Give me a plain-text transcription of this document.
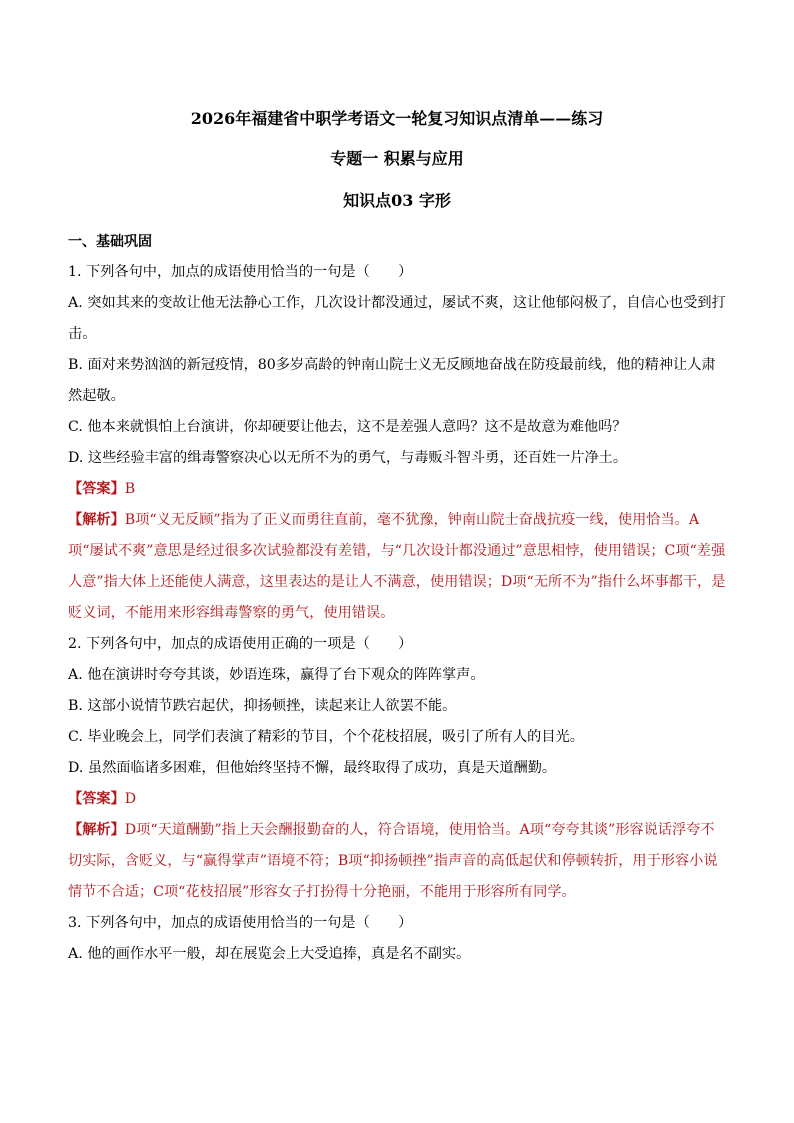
2026年福建省中职学考语文一轮复习知识点清单——练习
专题一 积累与应用
知识点03 字形
一、基础巩固
1. 下列各句中，加点的成语使用恰当的一句是（　　）
A. 突如其来的变故让他无法静心工作，几次设计都没通过，屡试不爽，这让他郁闷极了，自信心也受到打击。
B. 面对来势汹汹的新冠疫情，80多岁高龄的钟南山院士义无反顾地奋战在防疫最前线，他的精神让人肃然起敬。
C. 他本来就惧怕上台演讲，你却硬要让他去，这不是差强人意吗？这不是故意为难他吗？
D. 这些经验丰富的缉毒警察决心以无所不为的勇气，与毒贩斗智斗勇，还百姓一片净土。
【答案】B
【解析】B项“义无反顾”指为了正义而勇往直前，毫不犹豫，钟南山院士奋战抗疫一线，使用恰当。A项“屡试不爽”意思是经过很多次试验都没有差错，与“几次设计都没通过”意思相悖，使用错误；C项“差强人意”指大体上还能使人满意，这里表达的是让人不满意，使用错误；D项“无所不为”指什么坏事都干，是贬义词，不能用来形容缉毒警察的勇气，使用错误。
2. 下列各句中，加点的成语使用正确的一项是（　　）
A. 他在演讲时夸夸其谈，妙语连珠，赢得了台下观众的阵阵掌声。
B. 这部小说情节跌宕起伏，抑扬顿挫，读起来让人欲罢不能。
C. 毕业晚会上，同学们表演了精彩的节目，个个花枝招展，吸引了所有人的目光。
D. 虽然面临诸多困难，但他始终坚持不懈，最终取得了成功，真是天道酬勤。
【答案】D
【解析】D项“天道酬勤”指上天会酬报勤奋的人，符合语境，使用恰当。A项“夸夸其谈”形容说话浮夸不切实际，含贬义，与“赢得掌声”语境不符；B项“抑扬顿挫”指声音的高低起伏和停顿转折，用于形容小说情节不合适；C项“花枝招展”形容女子打扮得十分艳丽，不能用于形容所有同学。
3. 下列各句中，加点的成语使用恰当的一句是（　　）
A. 他的画作水平一般，却在展览会上大受追捧，真是名不副实。
